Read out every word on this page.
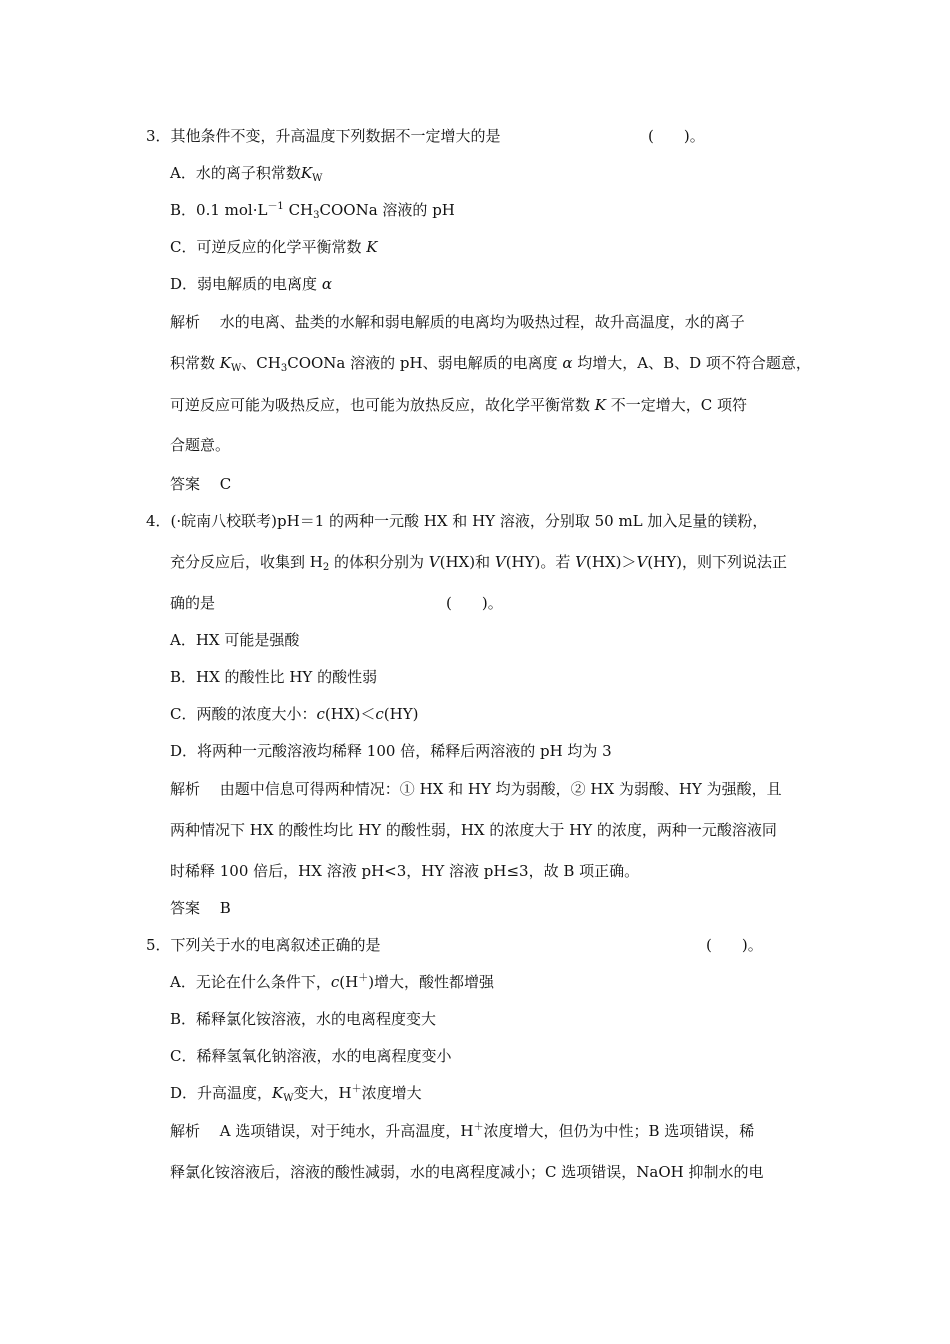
3．其他条件不变，升高温度下列数据不一定增大的是	(　　)。
A．水的离子积常数$K_W$
B．0.1 $mol\cdot L^{-1}$ $CH_3COONa$ 溶液的 pH
C．可逆反应的化学平衡常数 K
D．弱电解质的电离度 α
解析　 水的电离、盐类的水解和弱电解质的电离均为吸热过程，故升高温度，水的离子
积常数 $K_W$、$CH_3COONa$ 溶液的 pH、弱电解质的电离度 α 均增大，A、B、D 项不符合题意，
可逆反应可能为吸热反应，也可能为放热反应，故化学平衡常数 K 不一定增大，C 项符
合题意。
答案　 C
4．(·皖南八校联考)pH＝1 的两种一元酸 HX 和 HY 溶液，分别取 50 mL 加入足量的镁粉，
充分反应后，收集到 $H_2$ 的体积分别为 V(HX)和 V(HY)。若 V(HX)＞V(HY)，则下列说法正
确的是	(　　)。
A．HX 可能是强酸
B．HX 的酸性比 HY 的酸性弱
C．两酸的浓度大小：c(HX)＜c(HY)
D．将两种一元酸溶液均稀释 100 倍，稀释后两溶液的 pH 均为 3
解析　 由题中信息可得两种情况：① HX 和 HY 均为弱酸，② HX 为弱酸、HY 为强酸，且
两种情况下 HX 的酸性均比 HY 的酸性弱，HX 的浓度大于 HY 的浓度，两种一元酸溶液同
时稀释 100 倍后，HX 溶液 pH<3，HY 溶液 pH≤3，故 B 项正确。
答案　 B
5．下列关于水的电离叙述正确的是	(　　)。
A．无论在什么条件下，c(H＋)增大，酸性都增强
B．稀释氯化铵溶液，水的电离程度变大
C．稀释氢氧化钠溶液，水的电离程度变小
D．升高温度，$K_W$变大，H＋浓度增大
解析　 A 选项错误，对于纯水，升高温度，H＋浓度增大，但仍为中性；B 选项错误，稀
释氯化铵溶液后，溶液的酸性减弱，水的电离程度减小；C 选项错误，NaOH 抑制水的电
